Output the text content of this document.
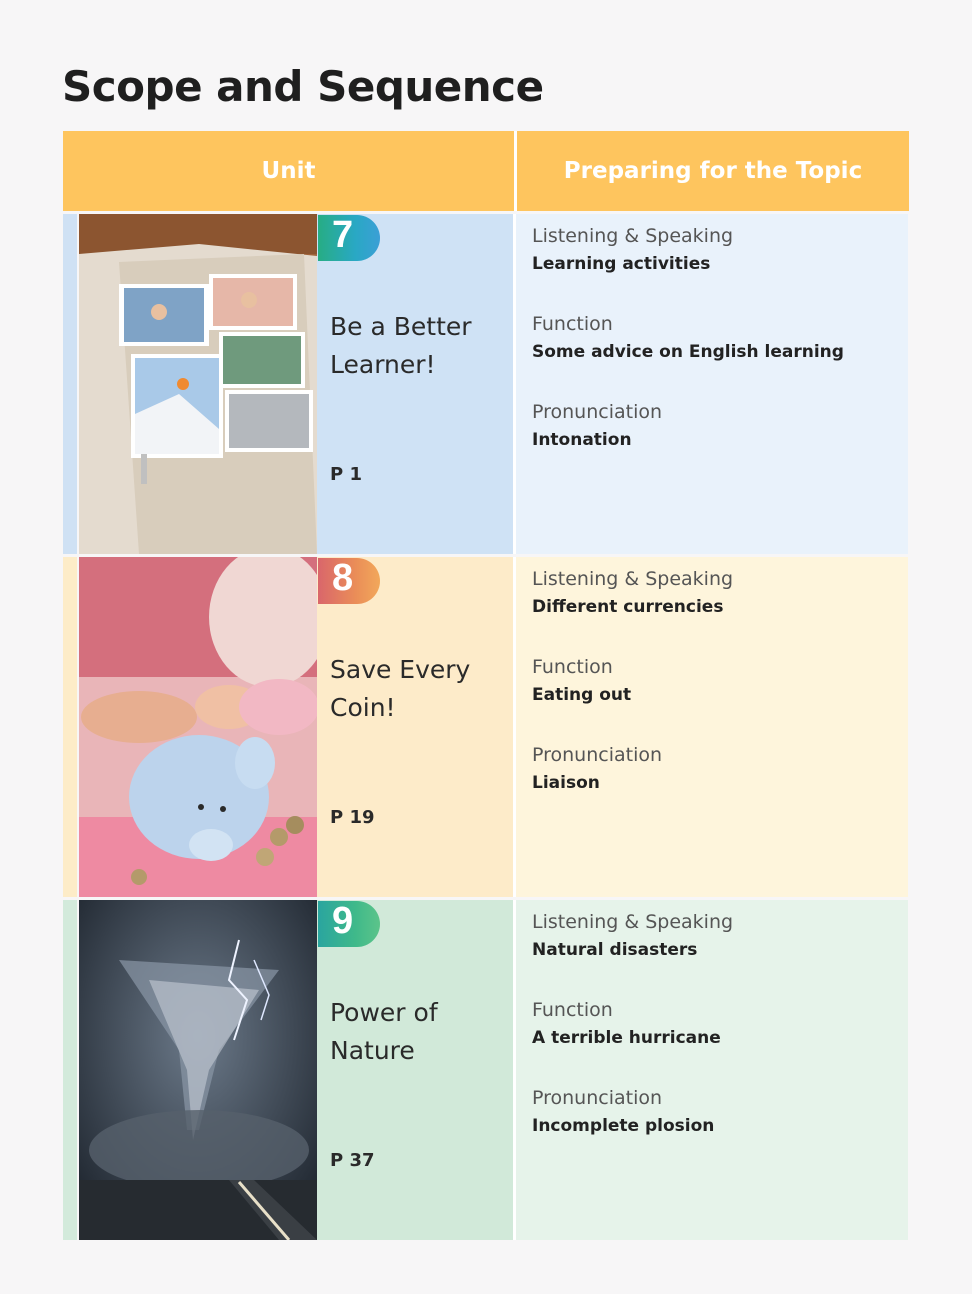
Scope and Sequence
Unit	Preparing for the Topic
7
Be a Better Learner!
P 1
Listening & Speaking
Learning activities
Function
Some advice on English learning
Pronunciation
Intonation
8
Save Every Coin!
P 19
Listening & Speaking
Different currencies
Function
Eating out
Pronunciation
Liaison
9
Power of Nature
P 37
Listening & Speaking
Natural disasters
Function
A terrible hurricane
Pronunciation
Incomplete plosion
